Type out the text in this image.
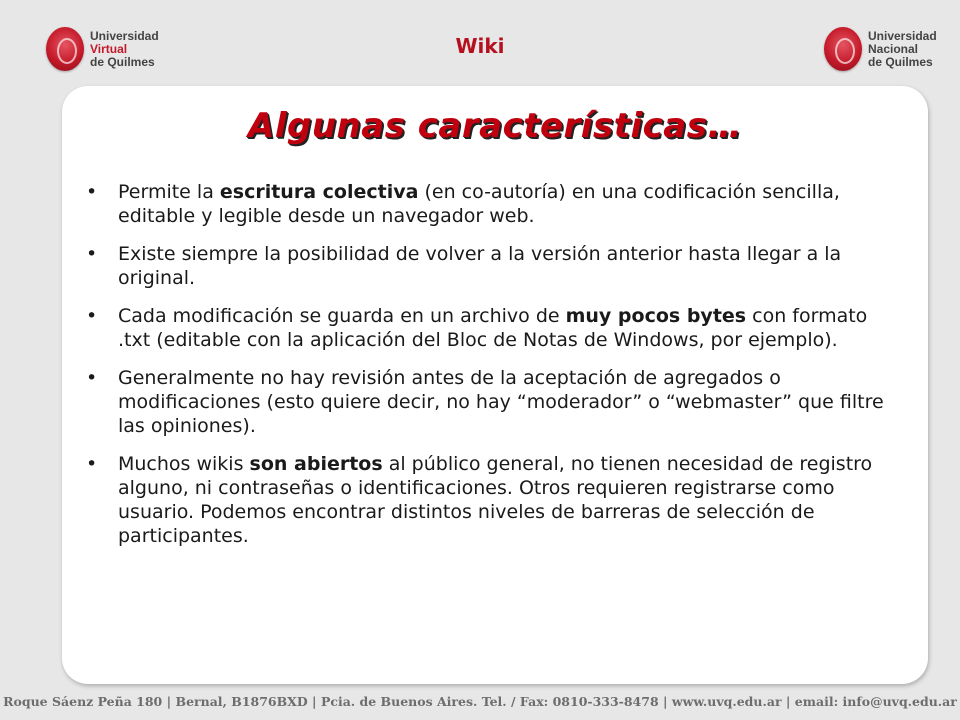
Universidad
Virtual
de Quilmes
Wiki	Universidad
Nacional
de Quilmes
Algunas características…
• Permite la escritura colectiva (en co-autoría) en una codificación sencilla, editable y legible desde un navegador web.
• Existe siempre la posibilidad de volver a la versión anterior hasta llegar a la original.
• Cada modificación se guarda en un archivo de muy pocos bytes con formato .txt (editable con la aplicación del Bloc de Notas de Windows, por ejemplo).
• Generalmente no hay revisión antes de la aceptación de agregados o modificaciones (esto quiere decir, no hay “moderador” o “webmaster” que filtre las opiniones).
• Muchos wikis son abiertos al público general, no tienen necesidad de registro alguno, ni contraseñas o identificaciones. Otros requieren registrarse como usuario. Podemos encontrar distintos niveles de barreras de selección de participantes.
Roque Sáenz Peña 180 | Bernal, B1876BXD | Pcia. de Buenos Aires. Tel. / Fax: 0810-333-8478 | www.uvq.edu.ar | email: info@uvq.edu.ar
